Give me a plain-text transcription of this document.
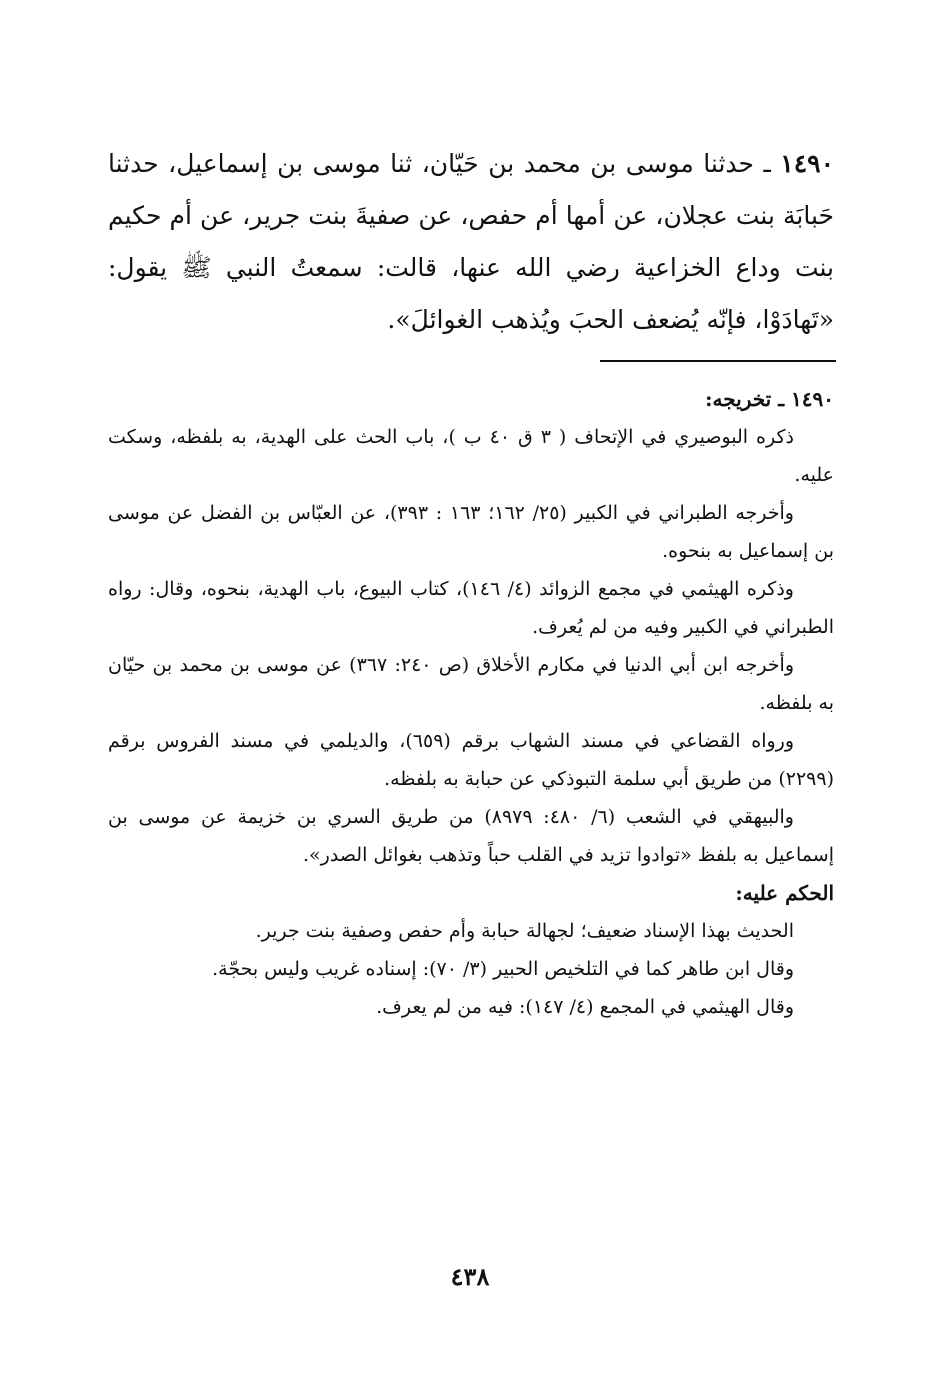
١٤٩٠ ـ حدثنا موسى بن محمد بن حَيّان، ثنا موسى بن إسماعيل، حدثنا حَبابَة بنت عجلان، عن أمها أم حفص، عن صفيةَ بنت جرير، عن أم حكيم بنت وداع الخزاعية رضي الله عنها، قالت: سمعتُ النبي ﷺ يقول: «تَهادَوْا، فإنّه يُضعف الحبَ ويُذهب الغوائلَ».

١٤٩٠ ـ تخريجه:

ذكره البوصيري في الإتحاف ( ٣ ق ٤٠ ب )، باب الحث على الهدية، به بلفظه، وسكت عليه.

وأخرجه الطبراني في الكبير (٢٥/ ١٦٢؛ ١٦٣ : ٣٩٣)، عن العبّاس بن الفضل عن موسى بن إسماعيل به بنحوه.

وذكره الهيثمي في مجمع الزوائد (٤/ ١٤٦)، كتاب البيوع، باب الهدية، بنحوه، وقال: رواه الطبراني في الكبير وفيه من لم يُعرف.

وأخرجه ابن أبي الدنيا في مكارم الأخلاق (ص ٢٤٠: ٣٦٧) عن موسى بن محمد بن حيّان به بلفظه.

ورواه القضاعي في مسند الشهاب برقم (٦٥٩)، والديلمي في مسند الفروس برقم (٢٢٩٩) من طريق أبي سلمة التبوذكي عن حبابة به بلفظه.

والبيهقي في الشعب (٦/ ٤٨٠: ٨٩٧٩) من طريق السري بن خزيمة عن موسى بن إسماعيل به بلفظ «توادوا تزيد في القلب حباً وتذهب بغوائل الصدر».

الحكم عليه:

الحديث بهذا الإسناد ضعيف؛ لجهالة حبابة وأم حفص وصفية بنت جرير.

وقال ابن طاهر كما في التلخيص الحبير (٣/ ٧٠): إسناده غريب وليس بحجّة.

وقال الهيثمي في المجمع (٤/ ١٤٧): فيه من لم يعرف.

٤٣٨
